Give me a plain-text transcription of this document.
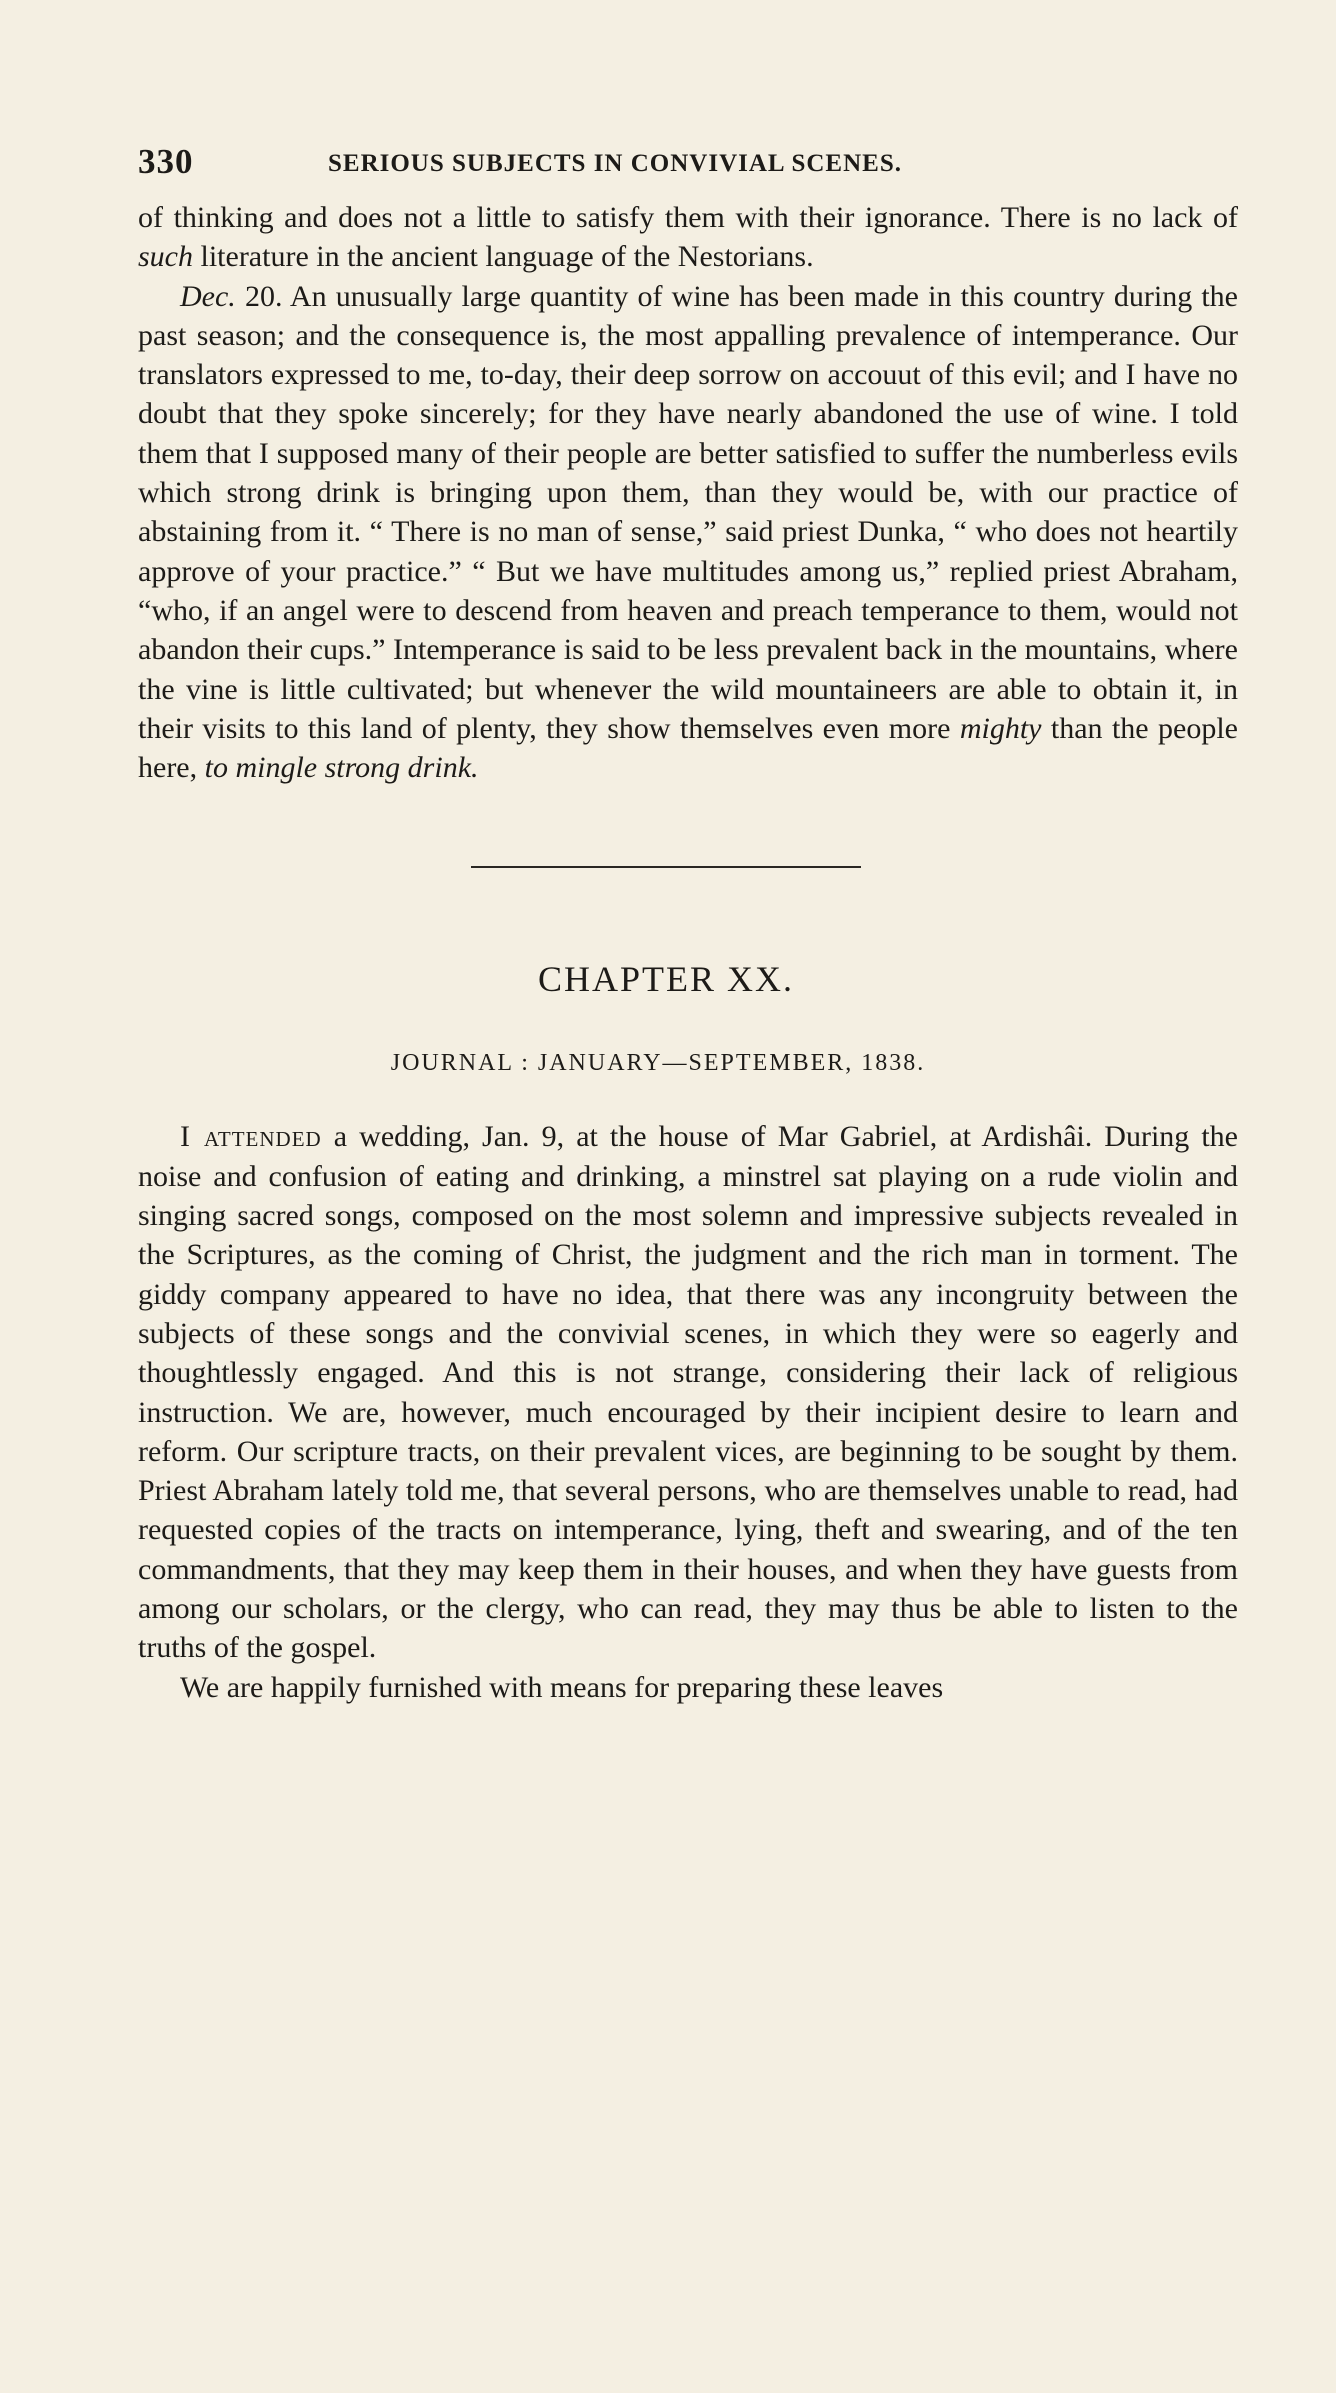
330	SERIOUS SUBJECTS IN CONVIVIAL SCENES.

of thinking and does not a little to satisfy them with their ignorance. There is no lack of such literature in the ancient language of the Nestorians.

Dec. 20. An unusually large quantity of wine has been made in this country during the past season; and the consequence is, the most appalling prevalence of intemperance. Our translators expressed to me, to-day, their deep sorrow on accouut of this evil; and I have no doubt that they spoke sincerely; for they have nearly abandoned the use of wine. I told them that I supposed many of their people are better satisfied to suffer the numberless evils which strong drink is bringing upon them, than they would be, with our practice of abstaining from it. “ There is no man of sense,” said priest Dunka, “ who does not heartily approve of your practice.” “ But we have multitudes among us,” replied priest Abraham, “who, if an angel were to descend from heaven and preach temperance to them, would not abandon their cups.” Intemperance is said to be less prevalent back in the mountains, where the vine is little cultivated; but whenever the wild mountaineers are able to obtain it, in their visits to this land of plenty, they show themselves even more mighty than the people here, to mingle strong drink.

CHAPTER XX.
JOURNAL : JANUARY—SEPTEMBER, 1838.

I attended a wedding, Jan. 9, at the house of Mar Gabriel, at Ardishâi. During the noise and confusion of eating and drinking, a minstrel sat playing on a rude violin and singing sacred songs, composed on the most solemn and impressive subjects revealed in the Scriptures, as the coming of Christ, the judgment and the rich man in torment. The giddy company appeared to have no idea, that there was any incongruity between the subjects of these songs and the convivial scenes, in which they were so eagerly and thoughtlessly engaged. And this is not strange, considering their lack of religious instruction. We are, however, much encouraged by their incipient desire to learn and reform. Our scripture tracts, on their prevalent vices, are beginning to be sought by them. Priest Abraham lately told me, that several persons, who are themselves unable to read, had requested copies of the tracts on intemperance, lying, theft and swearing, and of the ten commandments, that they may keep them in their houses, and when they have guests from among our scholars, or the clergy, who can read, they may thus be able to listen to the truths of the gospel.

We are happily furnished with means for preparing these leaves
